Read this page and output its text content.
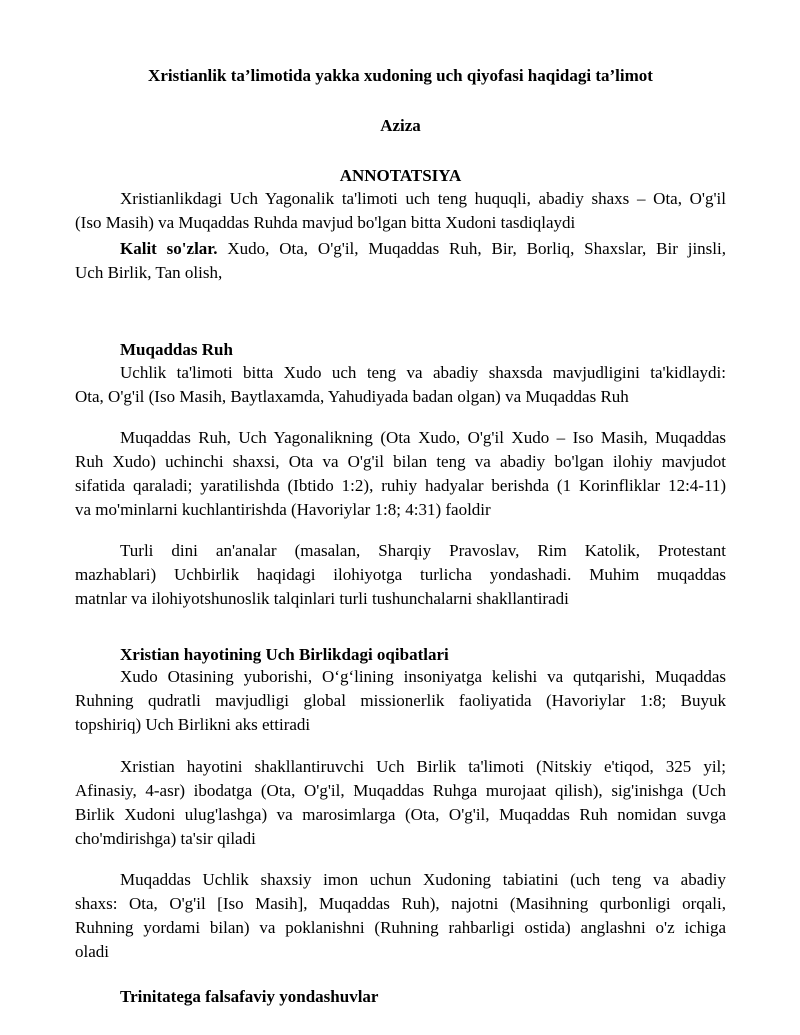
Xristianlik ta’limotida yakka xudoning uch qiyofasi haqidagi ta’limot
Aziza
ANNOTATSIYA
Xristianlikdagi Uch Yagonalik ta'limoti uch teng huquqli, abadiy shaxs – Ota, O'g'il
(Iso Masih) va Muqaddas Ruhda mavjud bo'lgan bitta Xudoni tasdiqlaydi
Kalit so'zlar. Xudo, Ota, O'g'il, Muqaddas Ruh, Bir, Borliq, Shaxslar, Bir jinsli,
Uch Birlik, Tan olish,
Muqaddas Ruh
Uchlik ta'limoti bitta Xudo uch teng va abadiy shaxsda mavjudligini ta'kidlaydi:
Ota, O'g'il (Iso Masih, Baytlaxamda, Yahudiyada badan olgan) va Muqaddas Ruh
Muqaddas Ruh, Uch Yagonalikning (Ota Xudo, O'g'il Xudo – Iso Masih, Muqaddas
Ruh Xudo) uchinchi shaxsi, Ota va O'g'il bilan teng va abadiy bo'lgan ilohiy mavjudot
sifatida qaraladi; yaratilishda (Ibtido 1:2), ruhiy hadyalar berishda (1 Korinfliklar 12:4-11)
va mo'minlarni kuchlantirishda (Havoriylar 1:8; 4:31) faoldir
Turli dini an'analar (masalan, Sharqiy Pravoslav, Rim Katolik, Protestant
mazhablari) Uchbirlik haqidagi ilohiyotga turlicha yondashadi. Muhim muqaddas
matnlar va ilohiyotshunoslik talqinlari turli tushunchalarni shakllantiradi
Xristian hayotining Uch Birlikdagi oqibatlari
Xudo Otasining yuborishi, O‘g‘lining insoniyatga kelishi va qutqarishi, Muqaddas
Ruhning qudratli mavjudligi global missionerlik faoliyatida (Havoriylar 1:8; Buyuk
topshiriq) Uch Birlikni aks ettiradi
Xristian hayotini shakllantiruvchi Uch Birlik ta'limoti (Nitskiy e'tiqod, 325 yil;
Afinasiy, 4-asr) ibodatga (Ota, O'g'il, Muqaddas Ruhga murojaat qilish), sig'inishga (Uch
Birlik Xudoni ulug'lashga) va marosimlarga (Ota, O'g'il, Muqaddas Ruh nomidan suvga
cho'mdirishga) ta'sir qiladi
Muqaddas Uchlik shaxsiy imon uchun Xudoning tabiatini (uch teng va abadiy
shaxs: Ota, O'g'il [Iso Masih], Muqaddas Ruh), najotni (Masihning qurbonligi orqali,
Ruhning yordami bilan) va poklanishni (Ruhning rahbarligi ostida) anglashni o'z ichiga
oladi
Trinitatega falsafaviy yondashuvlar
